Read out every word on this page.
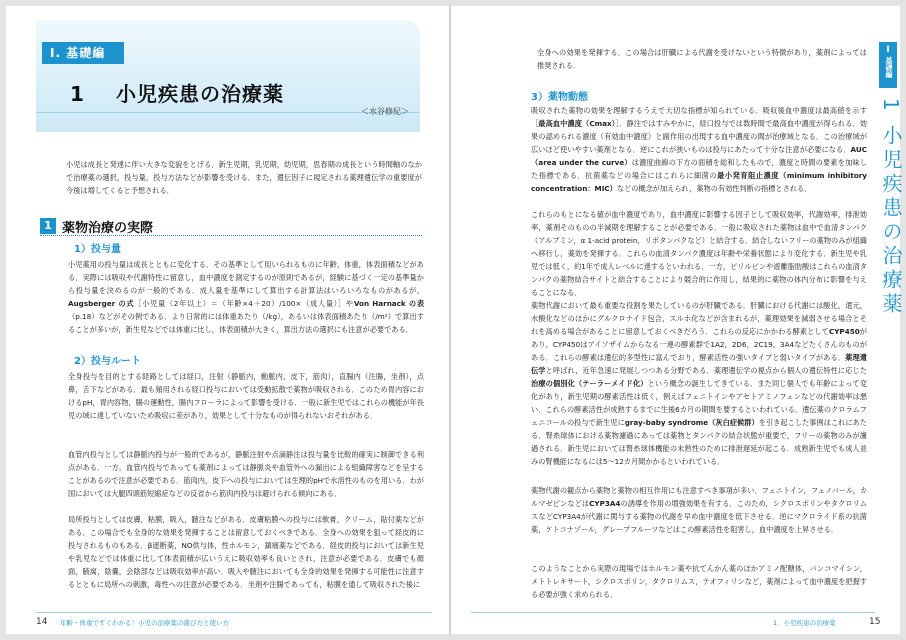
Ⅰ. 基礎編
1 小児疾患の治療薬
＜水谷修紀＞

小児は成長と発達に伴い大きな変貌をとげる．新生児期，乳児期，幼児期，思春期の成長という時間軸のなかで治療薬の選択，投与量，投与方法などが影響を受ける．また，遺伝因子に規定される薬理遺伝学の重要度が今後は増してくると予想される．

1 薬物治療の実際
1）投与量

小児薬用の投与量は成長とともに変化する．その基準として用いられるものに年齢，体重，体表面積などがある．実際には吸収や代謝特性に留意し，血中濃度を測定するのが原則であるが，経験に基づく一定の基準量から投与量を決めるのが一般的である．成人量を基準にして算出する計算法はいろいろなものがあるが，Augsberger の式［小児量（2年以上）＝（年齢×4＋20）/100×（成人量）］やVon Harnack の表（p.18）などがその例である．より日常的には体重あたり（/kg），あるいは体表面積あたり（/m²）で算出することが多いが，新生児などでは体重に比し，体表面積が大きく，算出方法の選択にも注意が必要である．

2）投与ルート

全身投与を目的とする経路としては経口，注射（静脈内，動脈内，皮下，筋肉），直腸内（注腸，坐剤），点鼻，舌下などがある．最も頻用される経口投与においては受動拡散で薬物が吸収される．このため胃内容におけるpH，胃内容物，腸の運動性，腸内フローラによって影響を受ける．一般に新生児ではこれらの機能が年長児の域に達していないため吸収に差があり，効果として十分なものが得られないおそれがある．

血管内投与としては静脈内投与が一般的であるが，静脈注射や点滴静注は投与量を比較的確実に制御できる利点がある．一方，血管内投与であっても薬剤によっては静脈炎や血管外への漏出による組織障害などを呈することがあるので注意が必要である．筋肉内，皮下への投与においては生理的pHで水溶性のものを用いる．わが国においては大腿四頭筋短縮症などの反省から筋肉内投与は避けられる傾向にある．

局所投与としては皮膚，粘膜，吸入，髄注などがある．皮膚粘膜への投与には軟膏，クリーム，貼付薬などがある．この場合でも全身的な効果を発揮することは留意しておくべきである．全身への効果を狙って経皮的に投与されるものもある．β遮断薬，NO供与体，性ホルモン，鎮痛薬などである．経皮的投与においては新生児や乳児などでは体重に比して体表面積が広いうえに吸収効率も良いとされ，注意が必要である．皮膚でも顔面，腋窩，陰嚢，会陰部などは吸収効率が高い．吸入や髄注においても全身的効果を発揮する可能性に注意するとともに局所への刺激，毒性への注意が必要である．坐剤や注腸であっても，粘膜を通して吸収された後に

14 年齢・体重ですぐわかる！小児の治療薬の選び方と使い方

全身への効果を発揮する．この場合は肝臓による代謝を受けないという特徴があり，薬剤によっては推奨される．

3）薬物動態

吸収された薬物の効果を理解するうえで大切な指標が知られている．吸収後血中濃度は最高値を示す［最高血中濃度（Cmax）］．静注ではすみやかに，経口投与では数時間で最高血中濃度が得られる．効果の認められる濃度（有効血中濃度）と副作用の出現する血中濃度の間が治療域となる．この治療域が広いほど使いやすい薬剤となる．逆にこれが狭いものは投与にあたって十分な注意が必要になる．AUC（area under the curve）は濃度曲線の下方の面積を総和したもので，濃度と時間の要素を加味した指標である．抗菌薬などの場合にはこれらに細菌の最小発育阻止濃度（minimum inhibitory concentration：MIC）などの概念が加えられ，薬物の有効性判断の指標とされる．

これらのもとになる値が血中濃度であり，血中濃度に影響する因子として吸収効率，代謝効率，排泄効率，薬剤そのものの半減期を理解することが必要である．一般に吸収された薬物は血中で血清タンパク（アルブミン，α 1-acid protein，リポタンパクなど）と結合する．結合しないフリーの薬物のみが組織へ移行し，薬効を発揮する．これらの血清タンパク濃度は年齢や栄養状態により変化する．新生児や乳児では低く，約1年で成人レベルに達するといわれる．一方，ビリルビンや遊離脂肪酸はこれらの血清タンパクの薬物結合サイトと結合することにより競合的に作用し，結果的に薬物の体内分布に影響を与えることになる．

薬物代謝において最も重要な役割を果たしているのが肝臓である．肝臓における代謝には酸化，還元，水酸化などのほかにグルクロナイド包合，スルホ化などが含まれるが，薬理効果を減弱させる場合とそれを高める場合があることに留意しておくべきだろう．これらの反応にかかわる酵素としてCYP450があり，CYP450はアイソザイムからなる一連の酵素群で1A2，2D6，2C19，3A4などたくさんのものがある．これらの酵素は遺伝的多型性に富んでおり，酵素活性の強いタイプと弱いタイプがある．薬理遺伝学と呼ばれ，近年急速に発展しつつある分野である．薬理遺伝学の視点から個人の遺伝特性に応じた治療の個別化（テーラーメイド化）という概念の誕生してきている．また同じ個人でも年齢によって変化があり，新生児期の酵素活性は低く，例えばフェニトインやアセトアミノフェンなどの代謝効率は悪い．これらの酵素活性が成熟するまでに生後6カ月の期間を要するといわれている．遺伝薬のクロラムフェニコールの投与で新生児にgray-baby syndrome（灰白症候群）を引き起こした事例はこれにあたる．腎糸球体における薬物濾過にあっては薬物とタンパクの結合状態が重要で，フリーの薬物のみが濾過される．新生児においては腎糸球体機能の未熟性のために排泄遅延が起こる．成熟新生児でも成人並みの腎機能になるには5～12カ月間かかるといわれている．

薬物代謝の観点から薬物と薬物の相互作用にも注意すべき事項が多い．フェニトイン，フェノバール，カルマゼピンなどはCYP3A4の誘導を作用の増強効果を有する．このため，シクロスポリンやタクロリムスなどCYP3A4が代謝に関与する薬物の代謝を早め血中濃度を低下させる．逆にマクロライド系の抗菌薬，ケトコナゾール，グレープフルーツなどはこの酵素活性を阻害し，血中濃度を上昇させる．

このようなことから実際の現場ではホルモン薬や抗てんかん薬のほかアミノ配糖体，バンコマイシン，メトトレキサート，シクロスポリン，タクロリムス，テオフィリンなど，薬剤によって血中濃度を把握する必要が強く求められる．

Ⅰ
基礎編
1 小児疾患の治療薬
1．小児疾患の治療薬	15
